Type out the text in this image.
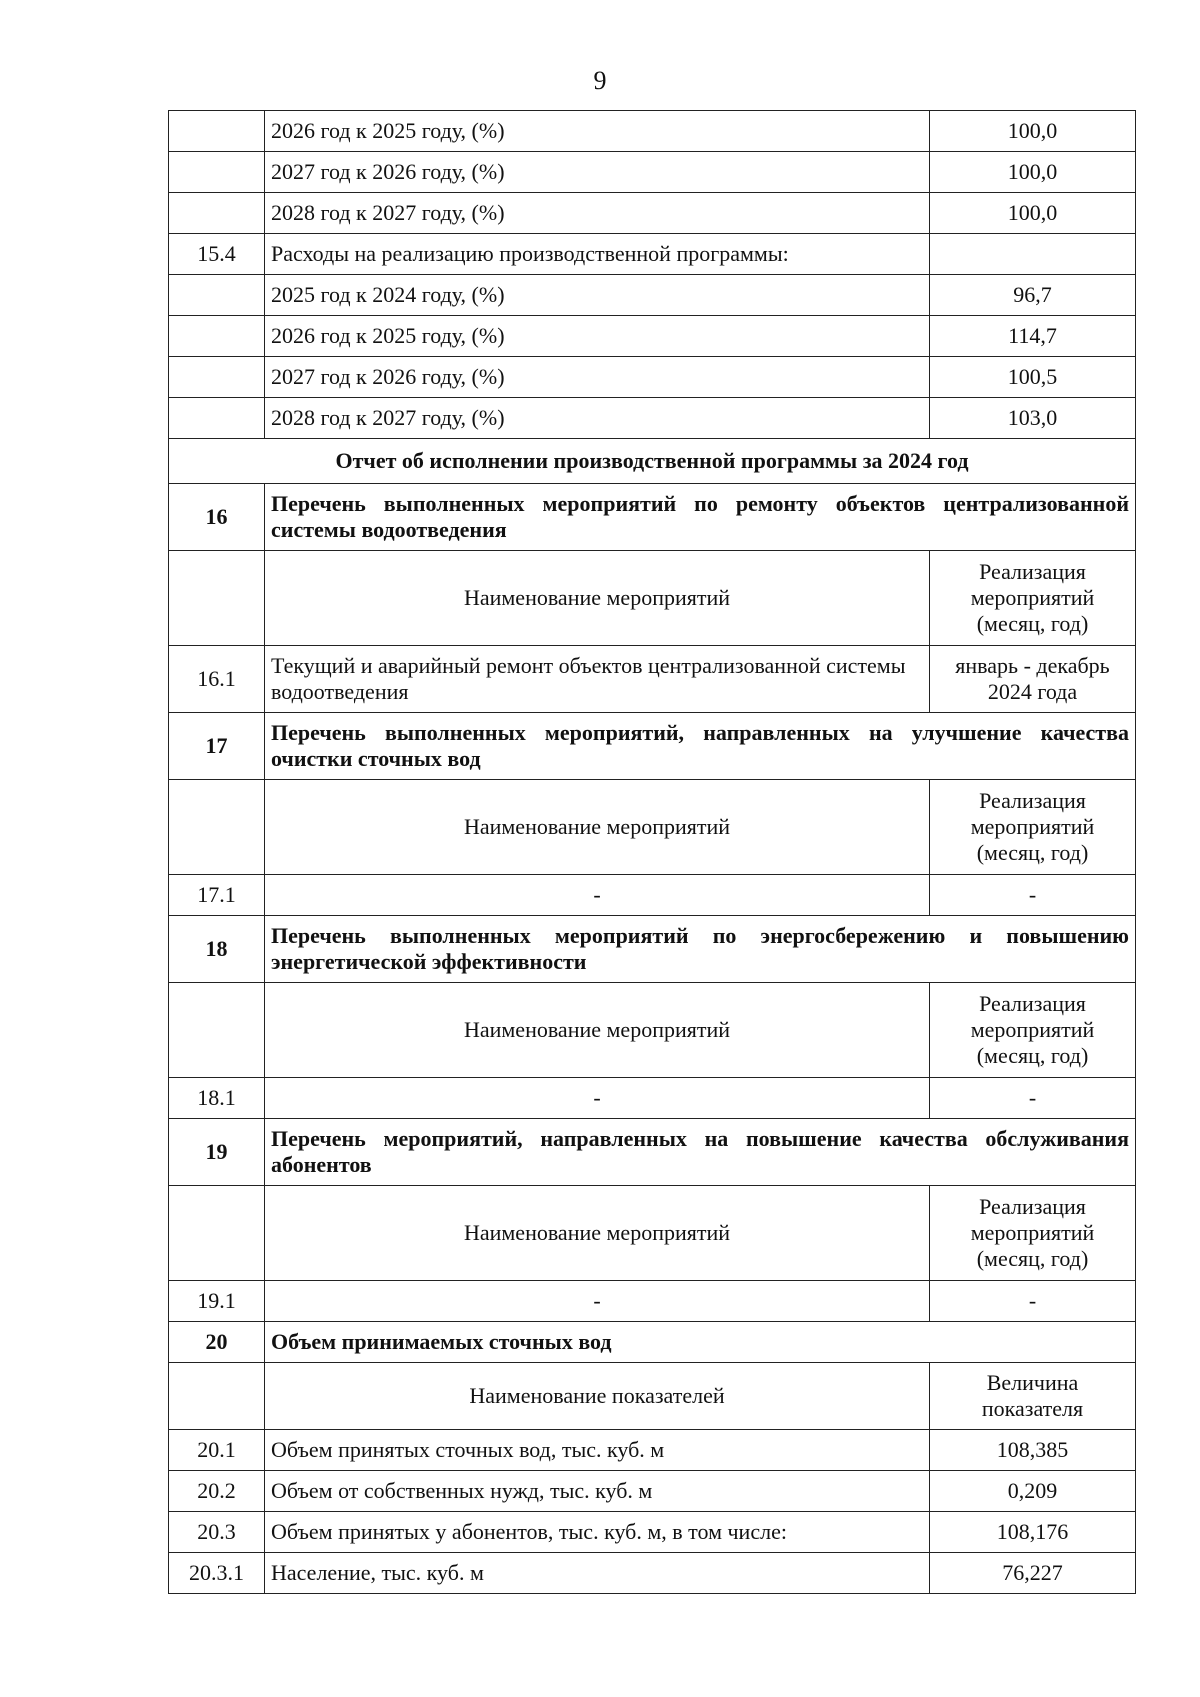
9
	2026 год к 2025 году, (%)	100,0
	2027 год к 2026 году, (%)	100,0
	2028 год к 2027 году, (%)	100,0
15.4	Расходы на реализацию производственной программы:	
	2025 год к 2024 году, (%)	96,7
	2026 год к 2025 году, (%)	114,7
	2027 год к 2026 году, (%)	100,5
	2028 год к 2027 году, (%)	103,0
Отчет об исполнении производственной программы за 2024 год		
16	Перечень выполненных мероприятий по ремонту объектов централизованной системы водоотведения	
	Наименование мероприятий	Реализация мероприятий (месяц, год)
16.1	Текущий и аварийный ремонт объектов централизованной системы водоотведения	январь - декабрь 2024 года
17	Перечень выполненных мероприятий, направленных на улучшение качества очистки сточных вод	
	Наименование мероприятий	Реализация мероприятий (месяц, год)
17.1	-	-
18	Перечень выполненных мероприятий по энергосбережению и повышению энергетической эффективности	
	Наименование мероприятий	Реализация мероприятий (месяц, год)
18.1	-	-
19	Перечень мероприятий, направленных на повышение качества обслуживания абонентов	
	Наименование мероприятий	Реализация мероприятий (месяц, год)
19.1	-	-
20	Объем принимаемых сточных вод	
	Наименование показателей	Величина показателя
20.1	Объем принятых сточных вод, тыс. куб. м	108,385
20.2	Объем от собственных нужд, тыс. куб. м	0,209
20.3	Объем принятых у абонентов, тыс. куб. м, в том числе:	108,176
20.3.1	Население, тыс. куб. м	76,227
